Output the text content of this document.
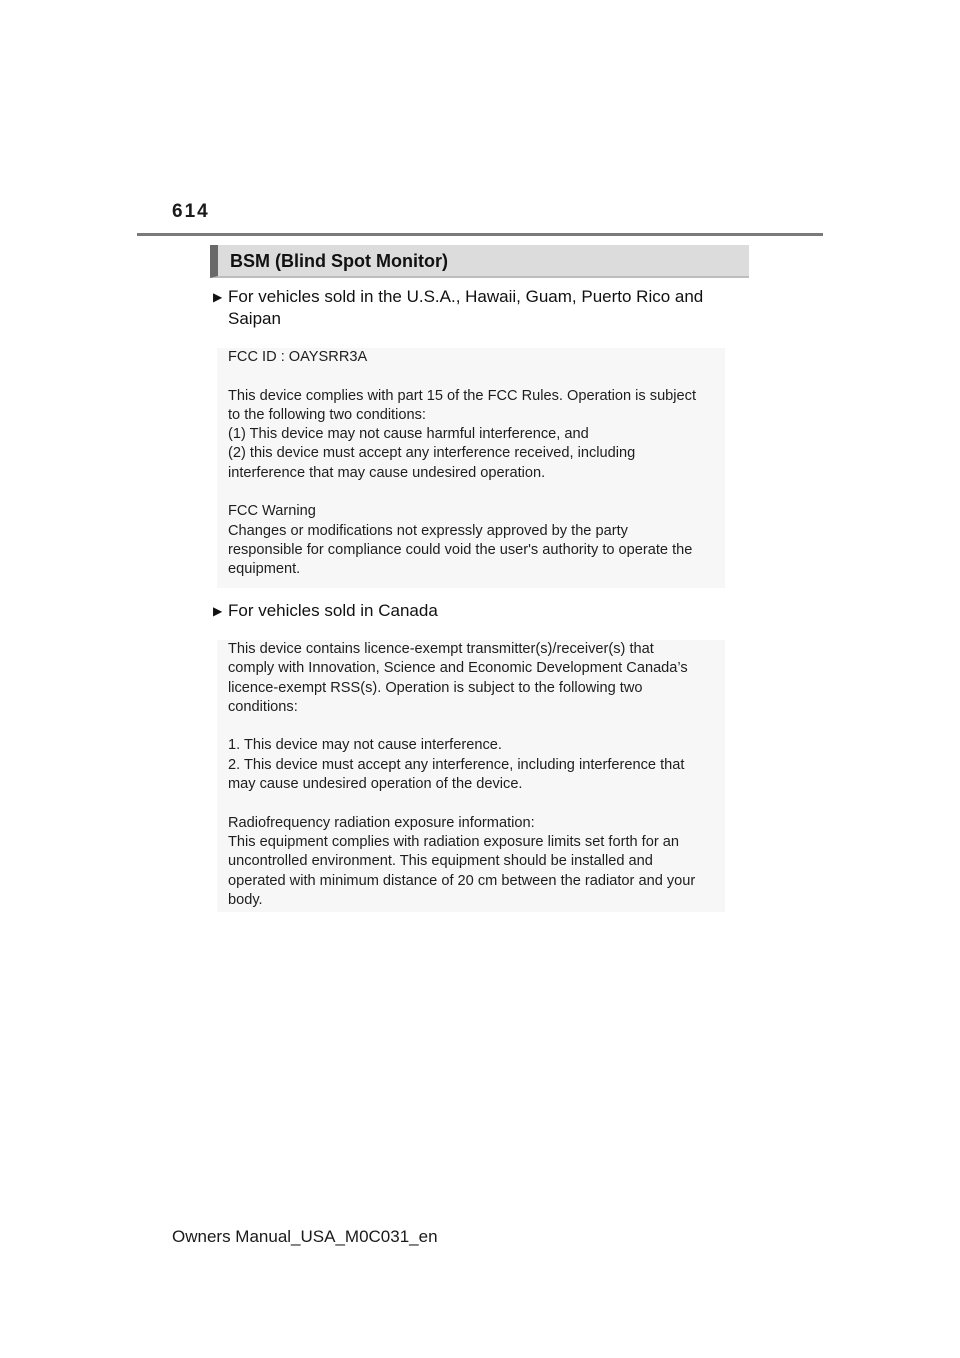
614
BSM (Blind Spot Monitor)
▶ For vehicles sold in the U.S.A., Hawaii, Guam, Puerto Rico and Saipan

FCC ID : OAYSRR3A

This device complies with part 15 of the FCC Rules. Operation is subject

to the following two conditions:

(1) This device may not cause harmful interference, and

(2) this device must accept any interference received, including

interference that may cause undesired operation.

FCC Warning

Changes or modifications not expressly approved by the party

responsible for compliance could void the user's authority to operate the

equipment.

▶ For vehicles sold in Canada

This device contains licence-exempt transmitter(s)/receiver(s) that

comply with Innovation, Science and Economic Development Canada’s

licence-exempt RSS(s). Operation is subject to the following two

conditions:

1. This device may not cause interference.

2. This device must accept any interference, including interference that

may cause undesired operation of the device.

Radiofrequency radiation exposure information:

This equipment complies with radiation exposure limits set forth for an

uncontrolled environment. This equipment should be installed and

operated with minimum distance of 20 cm between the radiator and your

body.

Owners Manual_USA_M0C031_en
